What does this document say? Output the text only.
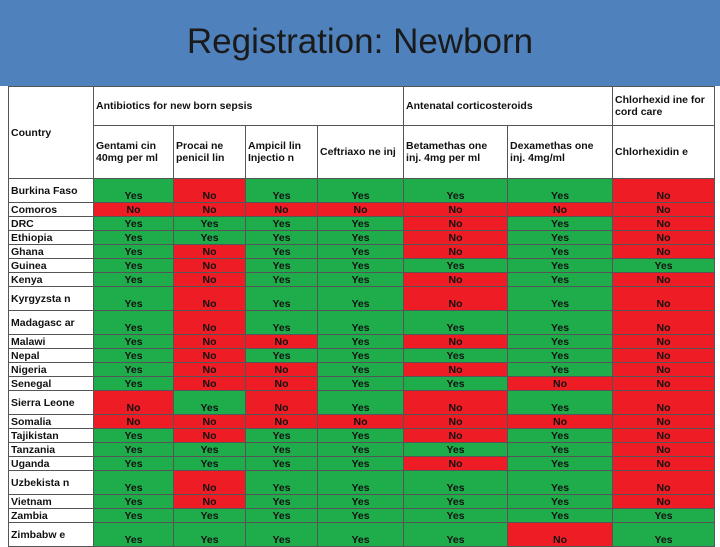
Registration: Newborn
Country	Antibiotics for new born sepsis				Antenatal corticosteroids		Chlorhexid ine for cord care
	Gentami cin 40mg per ml	Procai ne penicil lin	Ampicil lin Injectio n	Ceftriaxo ne inj	Betamethas one inj. 4mg per ml	Dexamethas one inj. 4mg/ml	Chlorhexidin e
Burkina Faso	Yes	No	Yes	Yes	Yes	Yes	No
Comoros	No	No	No	No	No	No	No
DRC	Yes	Yes	Yes	Yes	No	Yes	No
Ethiopia	Yes	Yes	Yes	Yes	No	Yes	No
Ghana	Yes	No	Yes	Yes	No	Yes	No
Guinea	Yes	No	Yes	Yes	Yes	Yes	Yes
Kenya	Yes	No	Yes	Yes	No	Yes	No
Kyrgyzsta n	Yes	No	Yes	Yes	No	Yes	No
Madagasc ar	Yes	No	Yes	Yes	Yes	Yes	No
Malawi	Yes	No	No	Yes	No	Yes	No
Nepal	Yes	No	Yes	Yes	Yes	Yes	No
Nigeria	Yes	No	No	Yes	No	Yes	No
Senegal	Yes	No	No	Yes	Yes	No	No
Sierra Leone	No	Yes	No	Yes	No	Yes	No
Somalia	No	No	No	No	No	No	No
Tajikistan	Yes	No	Yes	Yes	No	Yes	No
Tanzania	Yes	Yes	Yes	Yes	Yes	Yes	No
Uganda	Yes	Yes	Yes	Yes	No	Yes	No
Uzbekista n	Yes	No	Yes	Yes	Yes	Yes	No
Vietnam	Yes	No	Yes	Yes	Yes	Yes	No
Zambia	Yes	Yes	Yes	Yes	Yes	Yes	Yes
Zimbabw e	Yes	Yes	Yes	Yes	Yes	No	Yes
